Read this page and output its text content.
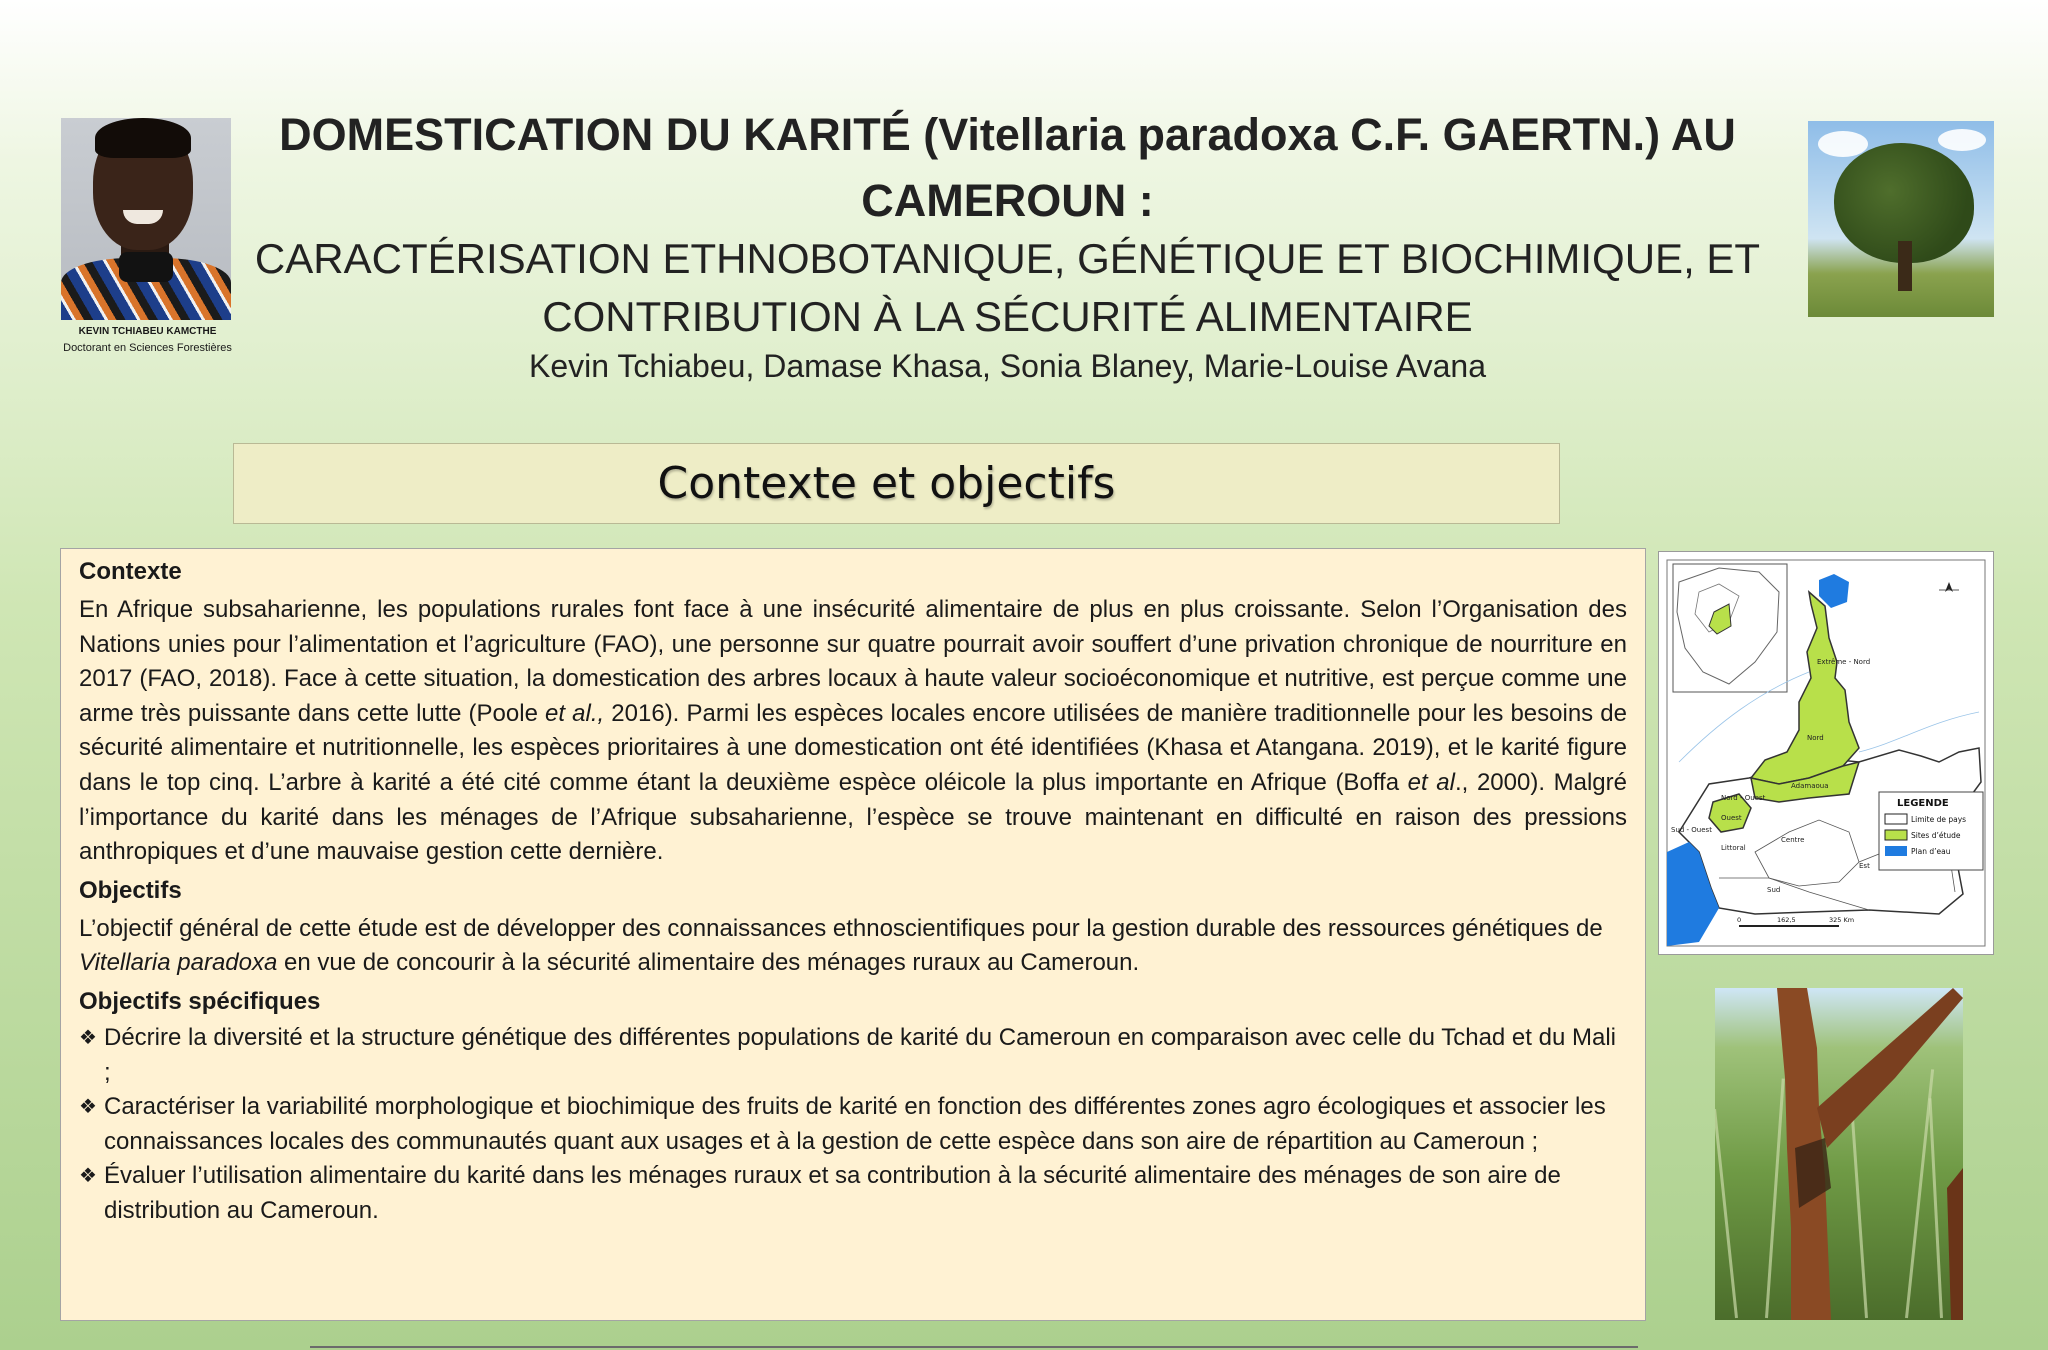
KEVIN TCHIABEU KAMCTHE
Doctorant en Sciences Forestières
DOMESTICATION DU KARITÉ (Vitellaria paradoxa C.F. GAERTN.) AU CAMEROUN :
CARACTÉRISATION ETHNOBOTANIQUE, GÉNÉTIQUE ET BIOCHIMIQUE, ET CONTRIBUTION À LA SÉCURITÉ ALIMENTAIRE
Kevin Tchiabeu, Damase Khasa, Sonia Blaney, Marie-Louise Avana
Contexte et objectifs

Contexte

En Afrique subsaharienne, les populations rurales font face à une insécurité alimentaire de plus en plus croissante. Selon l’Organisation des Nations unies pour l’alimentation et l’agriculture (FAO), une personne sur quatre pourrait avoir souffert d’une privation chronique de nourriture en 2017 (FAO, 2018). Face à cette situation, la domestication des arbres locaux à haute valeur socioéconomique et nutritive, est perçue comme une arme très puissante dans cette lutte (Poole et al., 2016). Parmi les espèces locales encore utilisées de manière traditionnelle pour les besoins de sécurité alimentaire et nutritionnelle, les espèces prioritaires à une domestication ont été identifiées (Khasa et Atangana. 2019), et le karité figure dans le top cinq. L’arbre à karité a été cité comme étant la deuxième espèce oléicole la plus importante en Afrique (Boffa et al., 2000). Malgré l’importance du karité dans les ménages de l’Afrique subsaharienne, l’espèce se trouve maintenant en difficulté en raison des pressions anthropiques et d’une mauvaise gestion cette dernière.

Objectifs

L’objectif général de cette étude est de développer des connaissances ethnoscientifiques pour la gestion durable des ressources génétiques de Vitellaria paradoxa en vue de concourir à la sécurité alimentaire des ménages ruraux au Cameroun.

Objectifs spécifiques

❖ Décrire la diversité et la structure génétique des différentes populations de karité du Cameroun en comparaison avec celle du Tchad et du Mali ;
❖ Caractériser la variabilité morphologique et biochimique des fruits de karité en fonction des différentes zones agro écologiques et associer les connaissances locales des communautés quant aux usages et à la gestion de cette espèce dans son aire de répartition au Cameroun ;
❖ Évaluer l’utilisation alimentaire du karité dans les ménages ruraux et sa contribution à la sécurité alimentaire des ménages de son aire de distribution au Cameroun.
Extrême - Nord
Nord
Adamaoua
Nord - Ouest
Ouest
Sud - Ouest
Centre
Littoral
Est
Sud
LEGENDE
Limite de pays
Sites d’étude
Plan d’eau
0	162,5	325 Km
